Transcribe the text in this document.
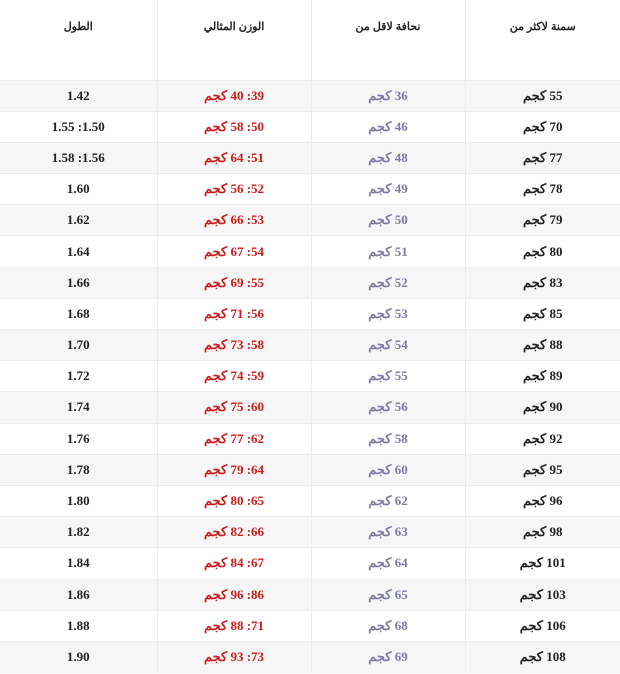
سمنة لاكثر من	نحافة لاقل من	الوزن المثالي	الطول
55 كجم	36 كجم	39: 40 كجم	1.42
70 كجم	46 كجم	50: 58 كجم	1.50: 1.55
77 كجم	48 كجم	51: 64 كجم	1.56: 1.58
78 كجم	49 كجم	52: 56 كجم	1.60
79 كجم	50 كجم	53: 66 كجم	1.62
80 كجم	51 كجم	54: 67 كجم	1.64
83 كجم	52 كجم	55: 69 كجم	1.66
85 كجم	53 كجم	56: 71 كجم	1.68
88 كجم	54 كجم	58: 73 كجم	1.70
89 كجم	55 كجم	59: 74 كجم	1.72
90 كجم	56 كجم	60: 75 كجم	1.74
92 كجم	58 كجم	62: 77 كجم	1.76
95 كجم	60 كجم	64: 79 كجم	1.78
96 كجم	62 كجم	65: 80 كجم	1.80
98 كجم	63 كجم	66: 82 كجم	1.82
101 كجم	64 كجم	67: 84 كجم	1.84
103 كجم	65 كجم	86: 96 كجم	1.86
106 كجم	68 كجم	71: 88 كجم	1.88
108 كجم	69 كجم	73: 93 كجم	1.90
